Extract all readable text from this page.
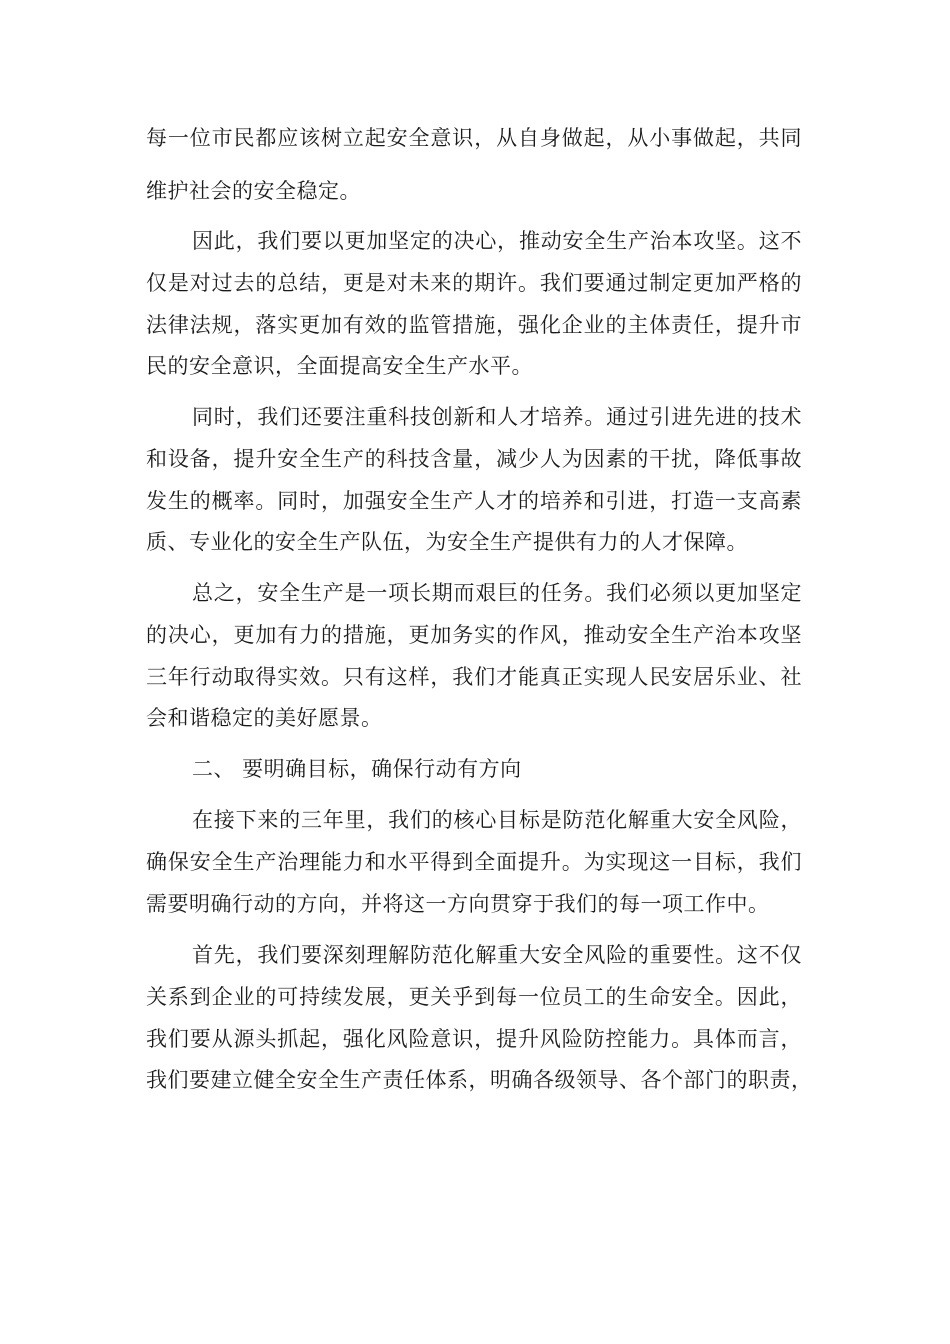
每一位市民都应该树立起安全意识，从自身做起，从小事做起，共同
维护社会的安全稳定。
因此，我们要以更加坚定的决心，推动安全生产治本攻坚。这不
仅是对过去的总结，更是对未来的期许。我们要通过制定更加严格的
法律法规，落实更加有效的监管措施，强化企业的主体责任，提升市
民的安全意识，全面提高安全生产水平。
同时，我们还要注重科技创新和人才培养。通过引进先进的技术
和设备，提升安全生产的科技含量，减少人为因素的干扰，降低事故
发生的概率。同时，加强安全生产人才的培养和引进，打造一支高素
质、专业化的安全生产队伍，为安全生产提供有力的人才保障。
总之，安全生产是一项长期而艰巨的任务。我们必须以更加坚定
的决心，更加有力的措施，更加务实的作风，推动安全生产治本攻坚
三年行动取得实效。只有这样，我们才能真正实现人民安居乐业、社
会和谐稳定的美好愿景。
二、 要明确目标，确保行动有方向
在接下来的三年里，我们的核心目标是防范化解重大安全风险，
确保安全生产治理能力和水平得到全面提升。为实现这一目标，我们
需要明确行动的方向，并将这一方向贯穿于我们的每一项工作中。
首先，我们要深刻理解防范化解重大安全风险的重要性。这不仅
关系到企业的可持续发展，更关乎到每一位员工的生命安全。因此，
我们要从源头抓起，强化风险意识，提升风险防控能力。具体而言，
我们要建立健全安全生产责任体系，明确各级领导、各个部门的职责，
